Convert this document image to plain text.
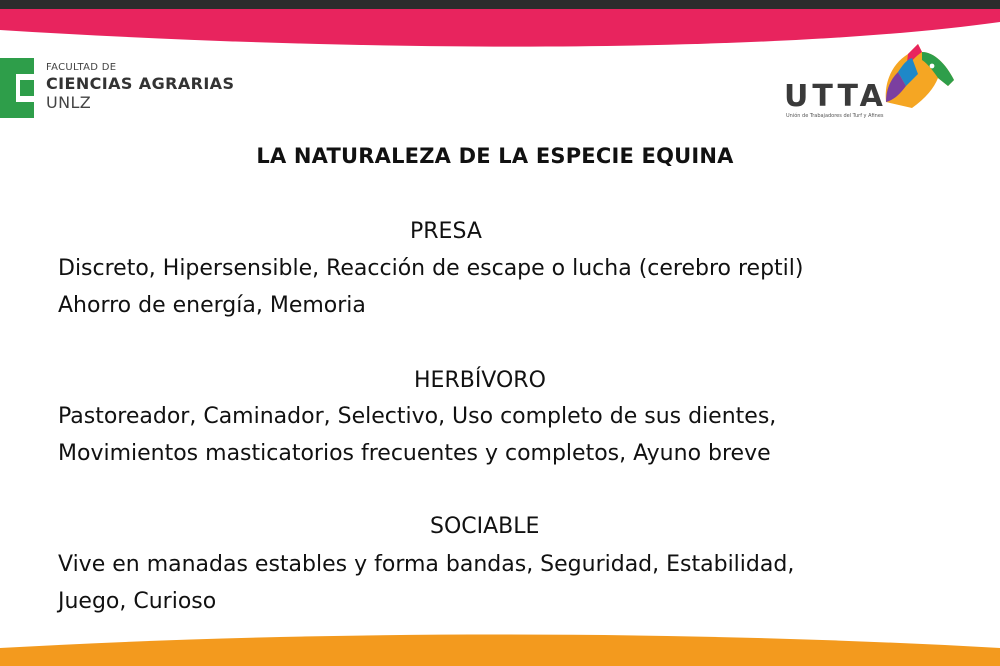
FACULTAD DE
CIENCIAS AGRARIAS
UNLZ	UTTA
Unión de Trabajadores del Turf y Afines
LA NATURALEZA DE LA ESPECIE EQUINA
PRESA
Discreto, Hipersensible, Reacción de escape o lucha (cerebro reptil)
Ahorro de energía, Memoria
HERBÍVORO
Pastoreador, Caminador, Selectivo, Uso completo de sus dientes,
Movimientos masticatorios frecuentes y completos, Ayuno breve
SOCIABLE
Vive en manadas estables y forma bandas, Seguridad, Estabilidad,
Juego, Curioso
